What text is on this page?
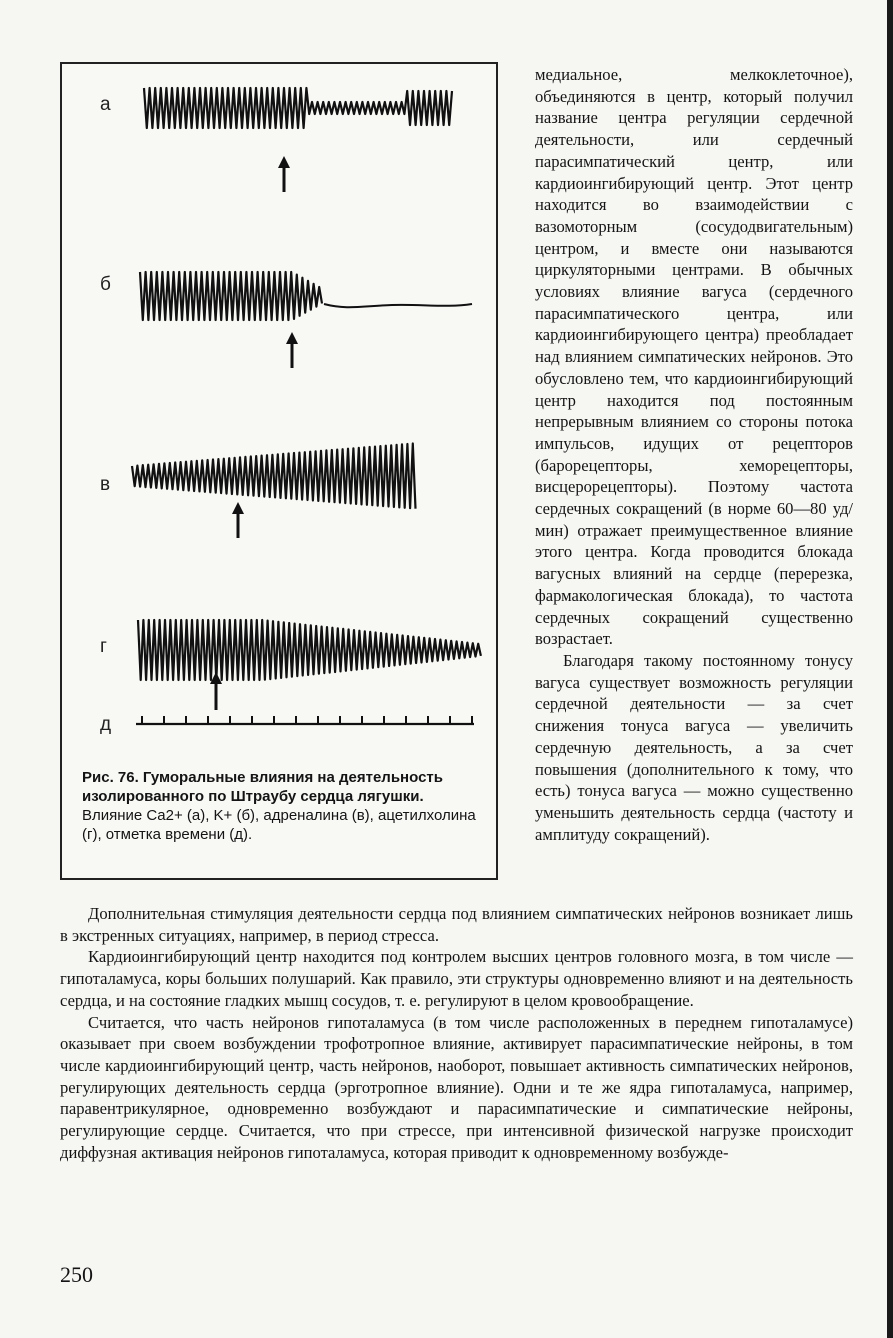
а
б
в
г
д
Рис. 76. Гуморальные влияния на деятельность изолированного по Штраубу сердца лягушки.
Влияние Ca2+ (а), K+ (б), адреналина (в), ацетилхолина (г), отметка времени (д).

медиальное, мелкоклеточное), объединяются в центр, который получил название центра регуляции сердечной деятельности, или сердечный парасимпатический центр, или кардиоингибирующий центр. Этот центр находится во взаимодействии с вазомоторным (сосудодвигательным) центром, и вместе они называются циркуляторными центрами. В обычных условиях влияние вагуса (сердечного парасимпатического центра, или кардиоингибирующего центра) преобладает над влиянием симпатических нейронов. Это обусловлено тем, что кардиоингибирующий центр находится под постоянным непрерывным влиянием со стороны потока импульсов, идущих от рецепторов (барорецепторы, хеморецепторы, висцерорецепторы). Поэтому частота сердечных сокращений (в норме 60—80 уд/мин) отражает преимущественное влияние этого центра. Когда проводится блокада вагусных влияний на сердце (перерезка, фармакологическая блокада), то частота сердечных сокращений существенно возрастает.

Благодаря такому постоянному тонусу вагуса существует возможность регуляции сердечной деятельности — за счет снижения тонуса вагуса — увеличить сердечную деятельность, а за счет повышения (дополнительного к тому, что есть) тонуса вагуса — можно существенно уменьшить деятельность сердца (частоту и амплитуду сокращений).

Дополнительная стимуляция деятельности сердца под влиянием симпатических нейронов возникает лишь в экстренных ситуациях, например, в период стресса.

Кардиоингибирующий центр находится под контролем высших центров головного мозга, в том числе — гипоталамуса, коры больших полушарий. Как правило, эти структуры одновременно влияют и на деятельность сердца, и на состояние гладких мышц сосудов, т. е. регулируют в целом кровообращение.

Считается, что часть нейронов гипоталамуса (в том числе расположенных в переднем гипоталамусе) оказывает при своем возбуждении трофотропное влияние, активирует парасимпатические нейроны, в том числе кардиоингибирующий центр, часть нейронов, наоборот, повышает активность симпатических нейронов, регулирующих деятельность сердца (эрготропное влияние). Одни и те же ядра гипоталамуса, например, паравентрикулярное, одновременно возбуждают и парасимпатические и симпатические нейроны, регулирующие сердце. Считается, что при стрессе, при интенсивной физической нагрузке происходит диффузная активация нейронов гипоталамуса, которая приводит к одновременному возбужде-

250
